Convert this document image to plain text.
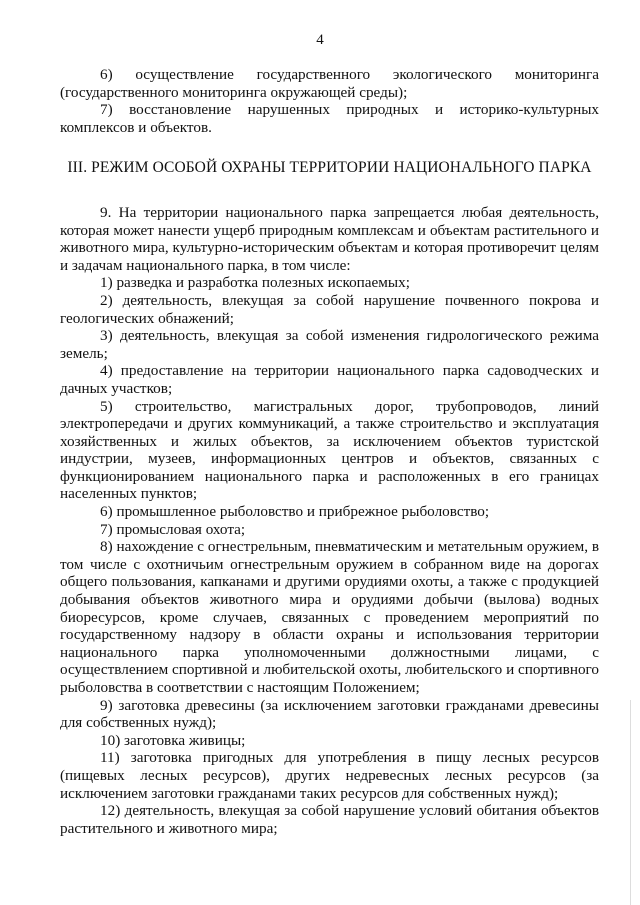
4

6) осуществление государственного экологического мониторинга (государственного мониторинга окружающей среды);

7) восстановление нарушенных природных и историко-культурных комплексов и объектов.

III. РЕЖИМ ОСОБОЙ ОХРАНЫ ТЕРРИТОРИИ НАЦИОНАЛЬНОГО ПАРКА

9. На территории национального парка запрещается любая деятельность, которая может нанести ущерб природным комплексам и объектам растительного и животного мира, культурно-историческим объектам и которая противоречит целям и задачам национального парка, в том числе:

1) разведка и разработка полезных ископаемых;

2) деятельность, влекущая за собой нарушение почвенного покрова и геологических обнажений;

3) деятельность, влекущая за собой изменения гидрологического режима земель;

4) предоставление на территории национального парка садоводческих и дачных участков;

5) строительство, магистральных дорог, трубопроводов, линий электропередачи и других коммуникаций, а также строительство и эксплуатация хозяйственных и жилых объектов, за исключением объектов туристской индустрии, музеев, информационных центров и объектов, связанных с функционированием национального парка и расположенных в его границах населенных пунктов;

6) промышленное рыболовство и прибрежное рыболовство;

7) промысловая охота;

8) нахождение с огнестрельным, пневматическим и метательным оружием, в том числе с охотничьим огнестрельным оружием в собранном виде на дорогах общего пользования, капканами и другими орудиями охоты, а также с продукцией добывания объектов животного мира и орудиями добычи (вылова) водных биоресурсов, кроме случаев, связанных с проведением мероприятий по государственному надзору в области охраны и использования территории национального парка уполномоченными должностными лицами, с осуществлением спортивной и любительской охоты, любительского и спортивного рыболовства в соответствии с настоящим Положением;

9) заготовка древесины (за исключением заготовки гражданами древесины для собственных нужд);

10) заготовка живицы;

11) заготовка пригодных для употребления в пищу лесных ресурсов (пищевых лесных ресурсов), других недревесных лесных ресурсов (за исключением заготовки гражданами таких ресурсов для собственных нужд);

12) деятельность, влекущая за собой нарушение условий обитания объектов растительного и животного мира;
